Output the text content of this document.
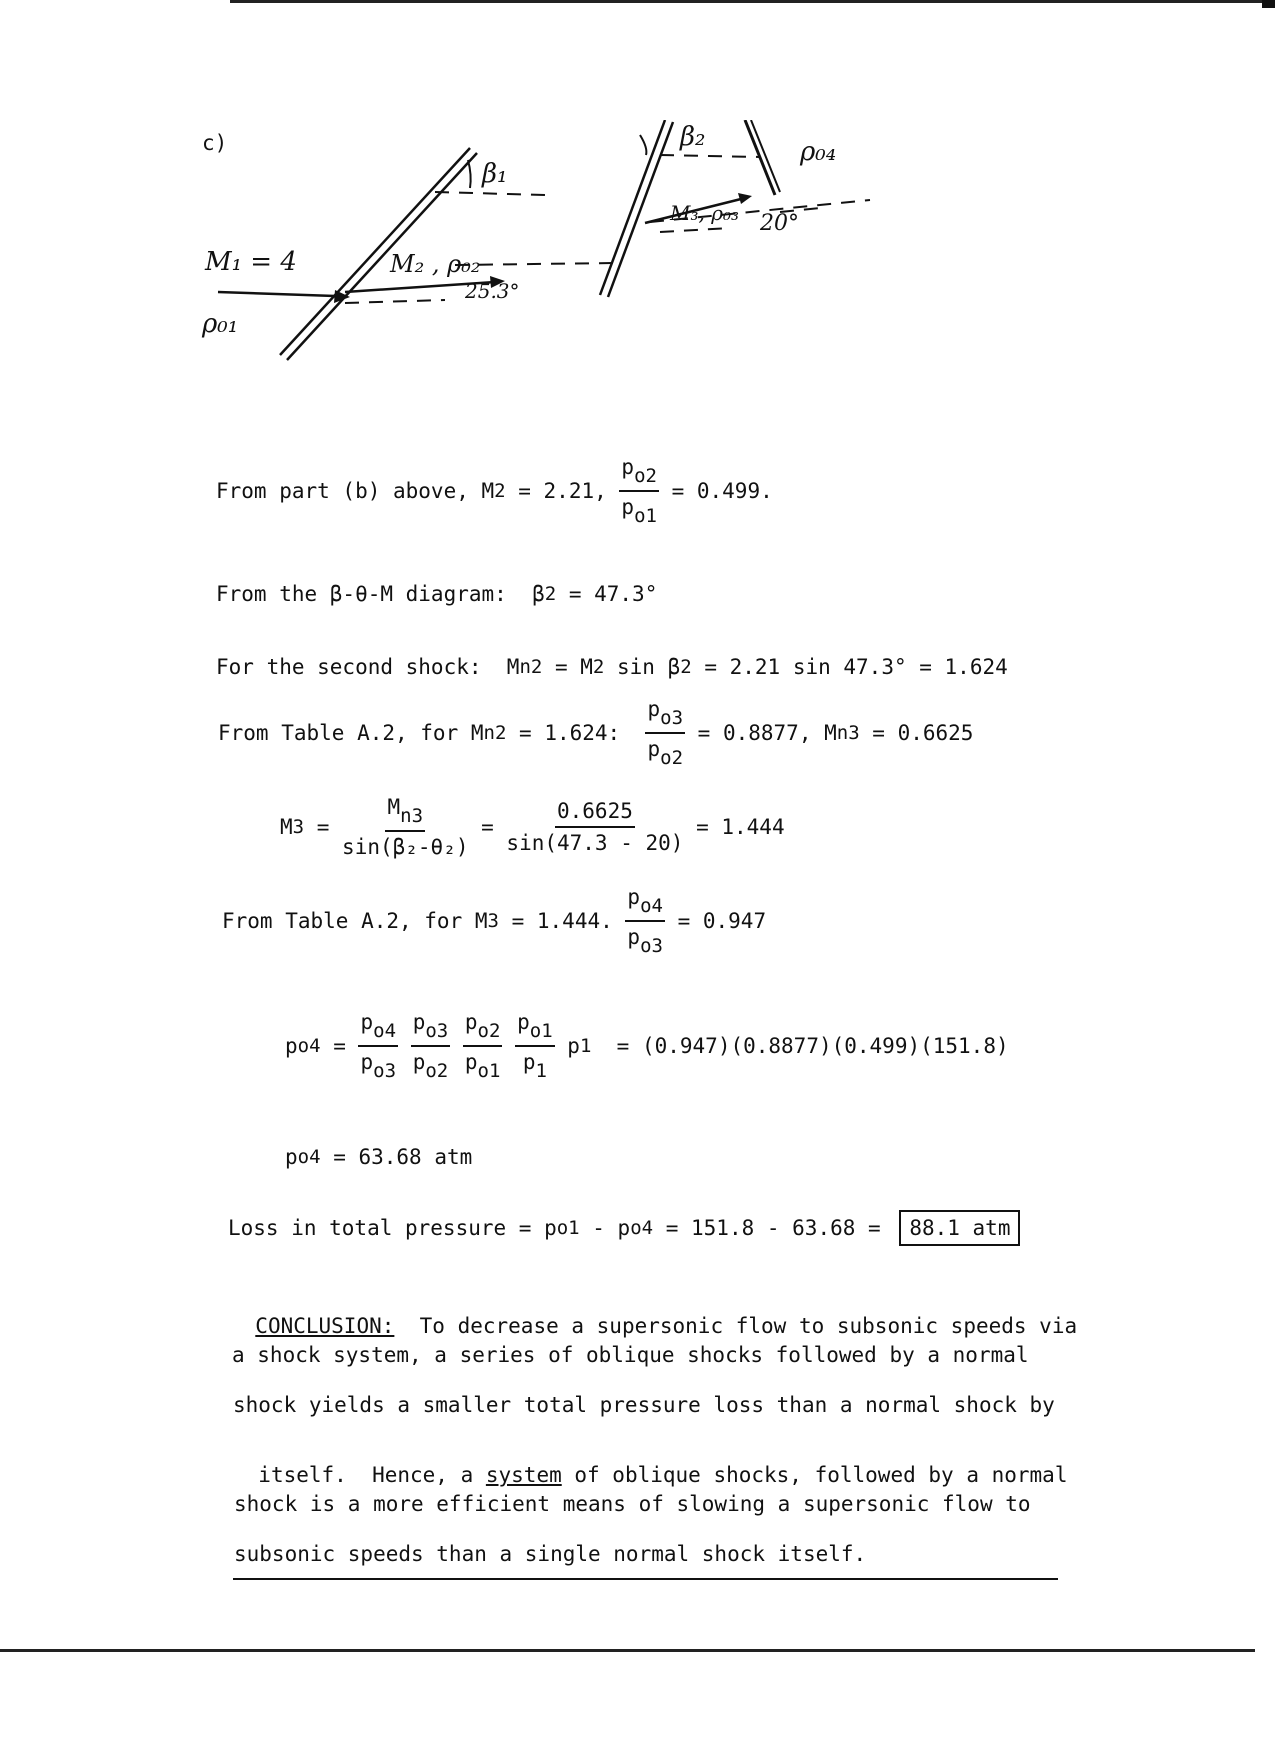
c)
M₁ = 4
ρ₀₁
β₁
M₂ , ρ₀₂
25.3°
β₂
M₃, ρ₀₃ 20°
ρ₀₄
From part (b) above, M 2 = 2.21, $\frac{p_{o2}}{p_{o1}} = 0.499$.
From the β-θ-M diagram:  β 2 = 47.3°
For the second shock:  M n2 = M 2 sin β 2 = 2.21 sin 47.3° = 1.624
From Table A.2, for M n2 = 1.624: $\frac{p_{o3}}{p_{o2}} = 0.8877$, M n3 = 0.6625
M $3 = \frac{M_{n3}}{\text{sin(β₂-θ₂)}} = \frac{0.6625}{\sin(47.3 - 20)} = 1.444$
From Table A.2, for M 3 = 1.444. $\frac{p_{o4}}{p_{o3}} = 0.947$
p $o4 = \frac{p_{o4}}{p_{o3}}$
$\frac{p_{o3}}{p_{o2}}$
$\frac{p_{o2}}{p_{o1}}$
$\frac{p_{o1}}{p_1}$ p 1 = (0.947)(0.8877)(0.499)(151.8)
p o4 = 63.68 atm
Loss in total pressure = p o1 - p o4 = 151.8 - 63.68 = 88.1 atm

CONCLUSION:  To decrease a supersonic flow to subsonic speeds via

a shock system, a series of oblique shocks followed by a normal
shock yields a smaller total pressure loss than a normal shock by

itself.  Hence, a system of oblique shocks, followed by a normal

shock is a more efficient means of slowing a supersonic flow to
subsonic speeds than a single normal shock itself.
